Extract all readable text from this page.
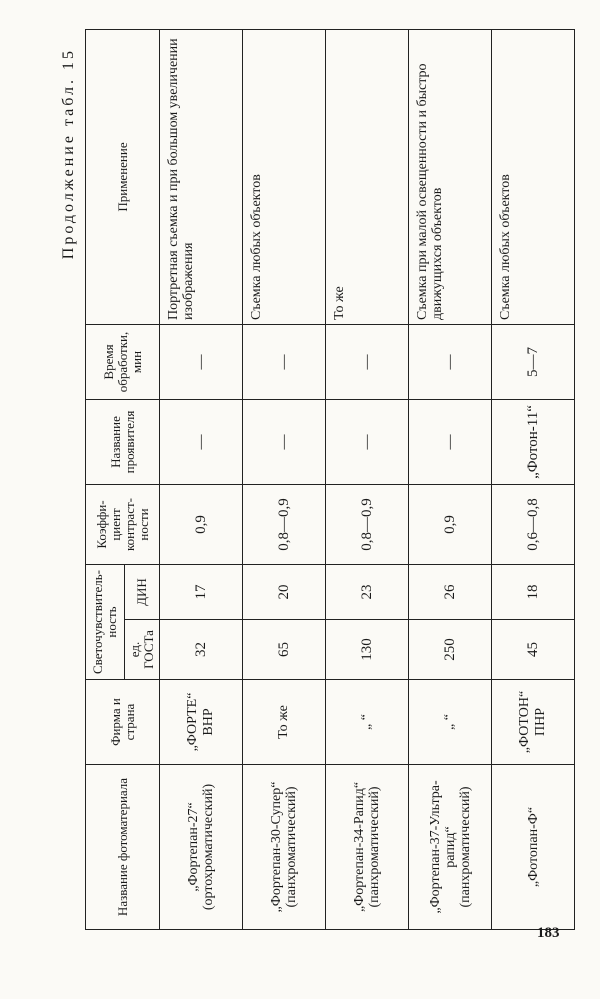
Продолжение табл. 15
Название фотоматериала	Фирма и страна	Светочувствитель-ность		Коэффи-циент контраст-ности	Название проявителя	Время обработки, мин	Применение
		ед. ГОСТа	ДИН				
„Фортепан-27“ (ортохроматический)	„ФОРТЕ“ ВНР	32	17	0,9	—	—	Портретная съемка и при большом увеличении изображения
„Фортепан-30-Супер“ (панхроматический)	То же	65	20	0,8—0,9	—	—	Съемка любых объектов
„Фортепан-34-Рапид“ (панхроматический)	„ “	130	23	0,8—0,9	—	—	То же
„Фортепан-37-Ультра-рапид“ (панхроматический)	„ “	250	26	0,9	—	—	Съемка при малой освещенности и быстро движущихся объектов
„Фотопан-Ф“	„ФОТОН“ ПНР	45	18	0,6—0,8	„Фотон-11“	5—7	Съемка любых объектов
183
